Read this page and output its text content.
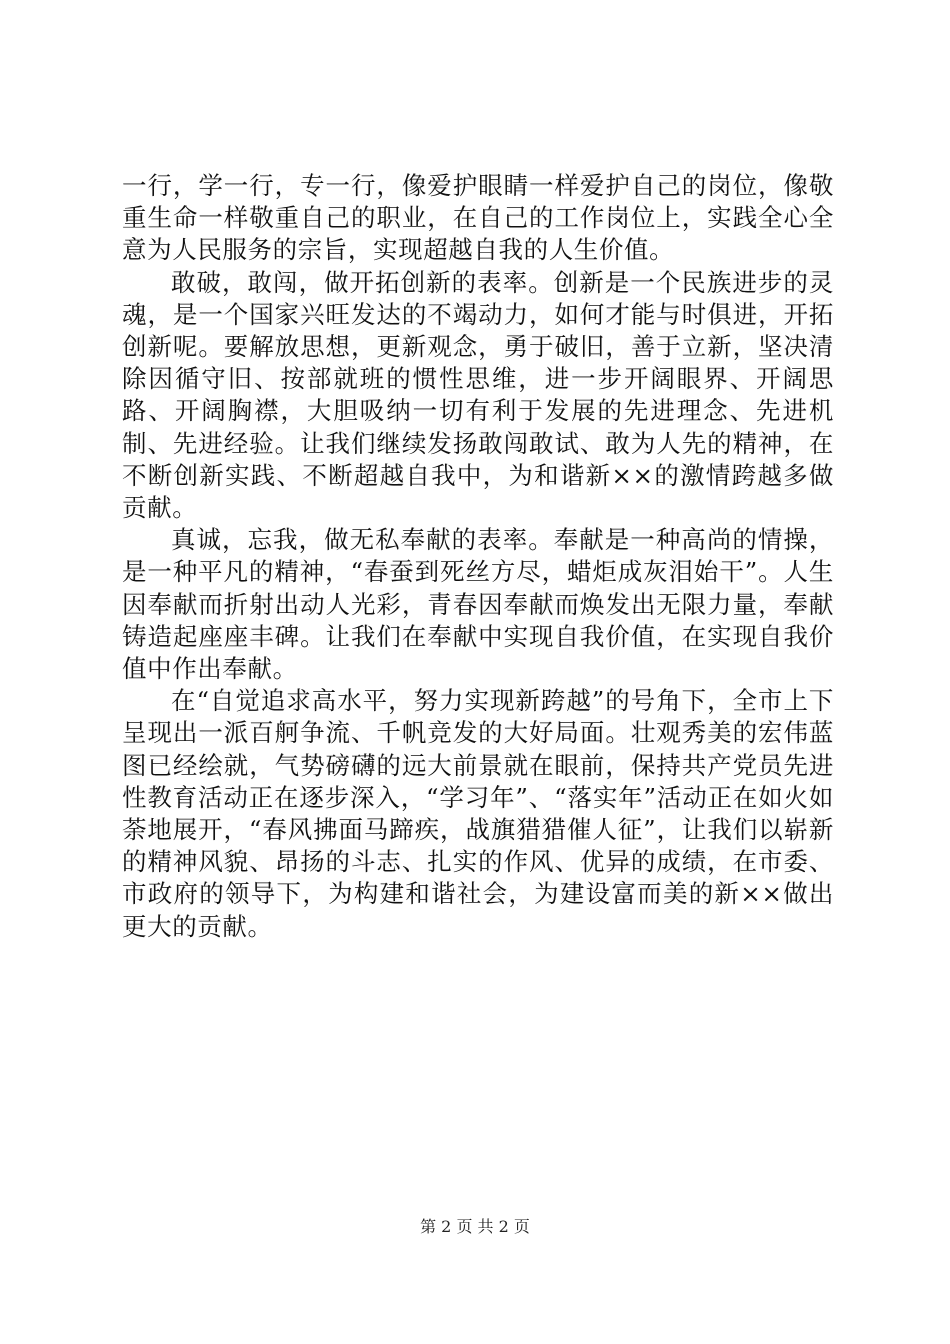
一行，学一行，专一行，像爱护眼睛一样爱护自己的岗位，像敬重生命一样敬重自己的职业，在自己的工作岗位上，实践全心全意为人民服务的宗旨，实现超越自我的人生价值。

敢破，敢闯，做开拓创新的表率。创新是一个民族进步的灵魂，是一个国家兴旺发达的不竭动力，如何才能与时俱进，开拓创新呢。要解放思想，更新观念，勇于破旧，善于立新，坚决清除因循守旧、按部就班的惯性思维，进一步开阔眼界、开阔思路、开阔胸襟，大胆吸纳一切有利于发展的先进理念、先进机制、先进经验。让我们继续发扬敢闯敢试、敢为人先的精神，在不断创新实践、不断超越自我中，为和谐新××的激情跨越多做贡献。

真诚，忘我，做无私奉献的表率。奉献是一种高尚的情操，是一种平凡的精神，“春蚕到死丝方尽，蜡炬成灰泪始干”。人生因奉献而折射出动人光彩，青春因奉献而焕发出无限力量，奉献铸造起座座丰碑。让我们在奉献中实现自我价值，在实现自我价值中作出奉献。

在“自觉追求高水平，努力实现新跨越”的号角下，全市上下呈现出一派百舸争流、千帆竞发的大好局面。壮观秀美的宏伟蓝图已经绘就，气势磅礴的远大前景就在眼前，保持共产党员先进性教育活动正在逐步深入，“学习年”、“落实年”活动正在如火如荼地展开，“春风拂面马蹄疾，战旗猎猎催人征”，让我们以崭新的精神风貌、昂扬的斗志、扎实的作风、优异的成绩，在市委、市政府的领导下，为构建和谐社会，为建设富而美的新××做出更大的贡献。

第 2 页 共 2 页
